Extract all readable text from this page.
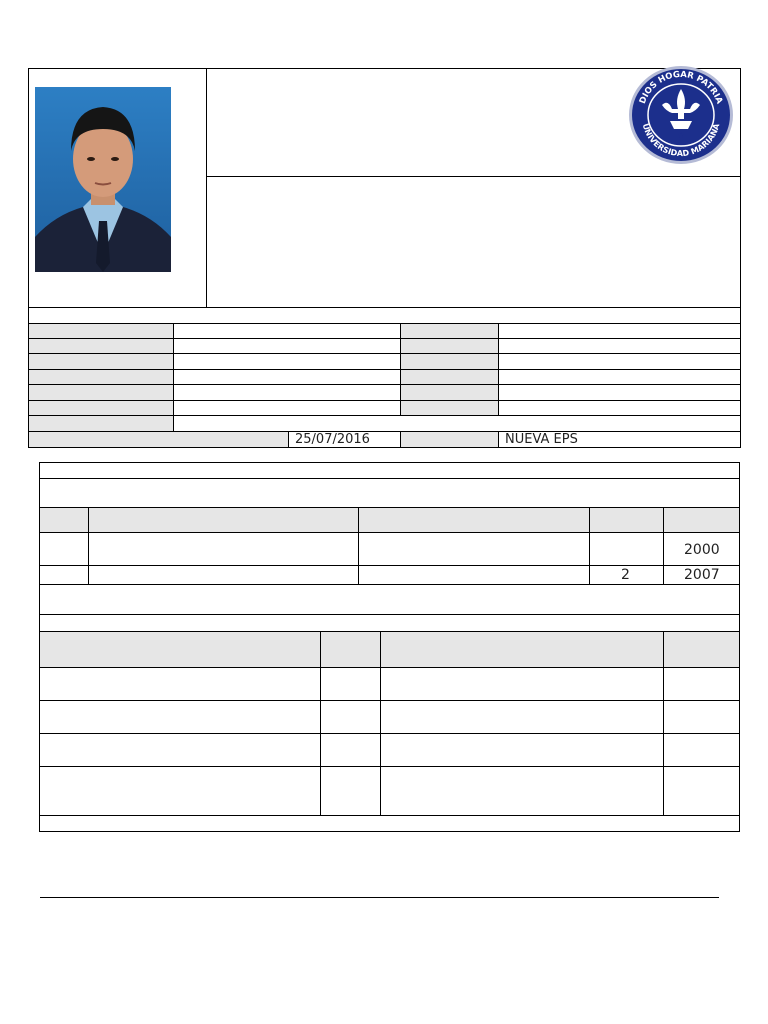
DIOS HOGAR PATRIA
UNIVERSIDAD MARIANA
★
25/07/2016	NUEVA EPS
2000
2	2007
